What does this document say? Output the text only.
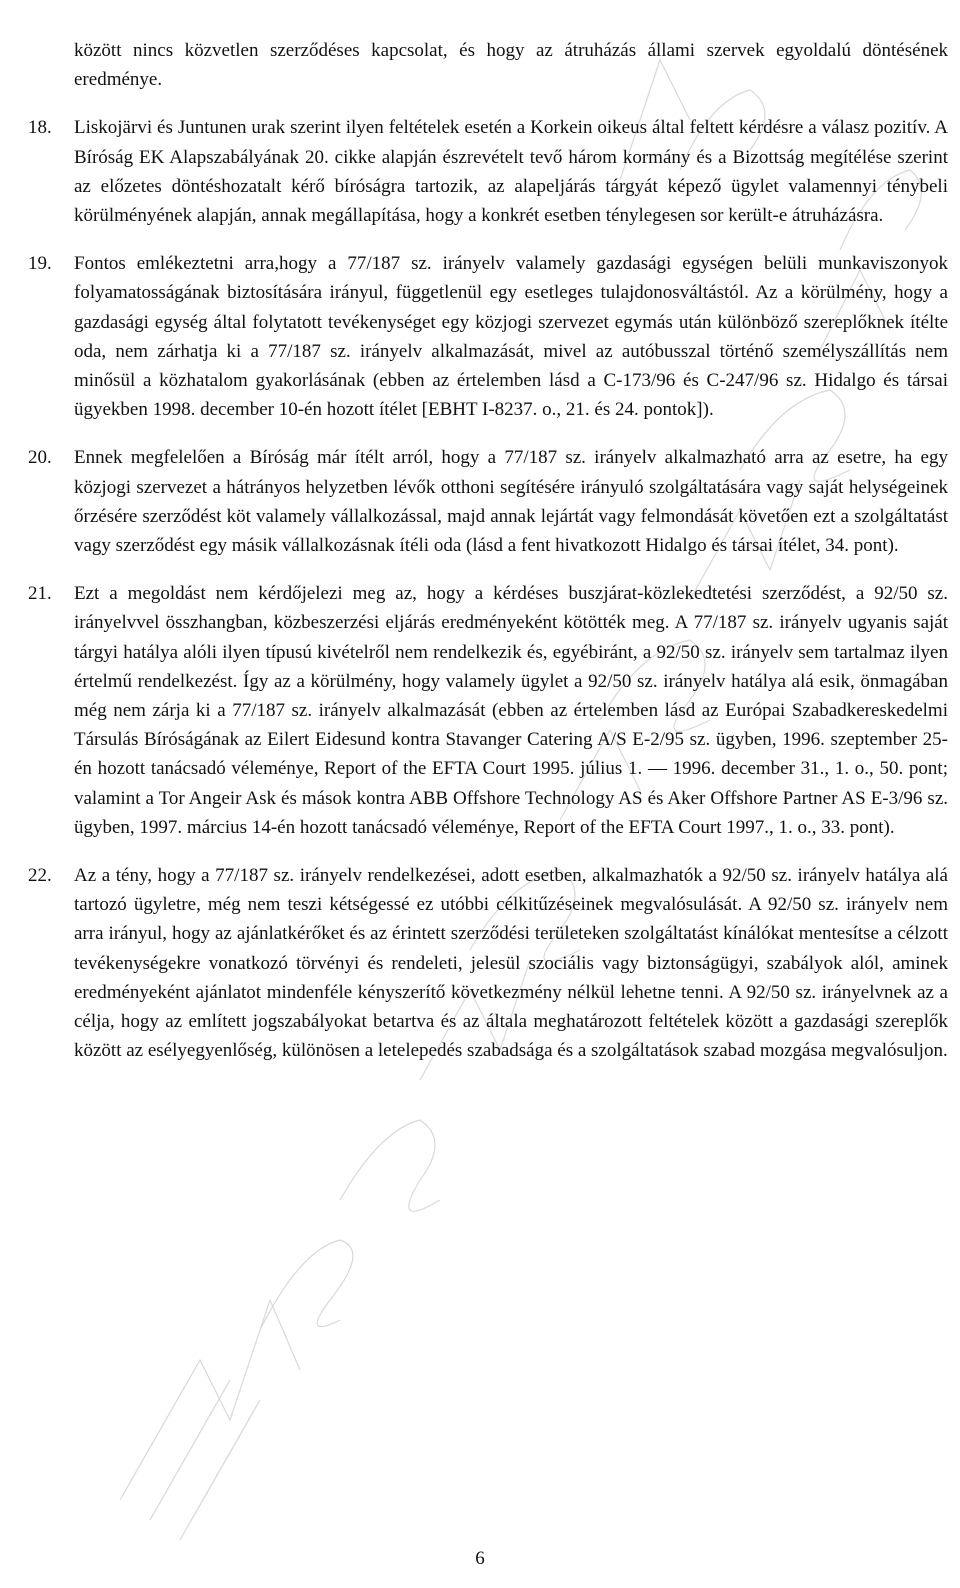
között nincs közvetlen szerződéses kapcsolat, és hogy az átruházás állami szervek egyoldalú döntésének eredménye.
18. Liskojärvi és Juntunen urak szerint ilyen feltételek esetén a Korkein oikeus által feltett kérdésre a válasz pozitív. A Bíróság EK Alapszabályának 20. cikke alapján észrevételt tevő három kormány és a Bizottság megítélése szerint az előzetes döntéshozatalt kérő bíróságra tartozik, az alapeljárás tárgyát képező ügylet valamennyi ténybeli körülményének alapján, annak megállapítása, hogy a konkrét esetben ténylegesen sor került-e átruházásra.
19. Fontos emlékeztetni arra,hogy a 77/187 sz. irányelv valamely gazdasági egységen belüli munkaviszonyok folyamatosságának biztosítására irányul, függetlenül egy esetleges tulajdonosváltástól. Az a körülmény, hogy a gazdasági egység által folytatott tevékenységet egy közjogi szervezet egymás után különböző szereplőknek ítélte oda, nem zárhatja ki a 77/187 sz. irányelv alkalmazását, mivel az autóbusszal történő személyszállítás nem minősül a közhatalom gyakorlásának (ebben az értelemben lásd a C-173/96 és C-247/96 sz. Hidalgo és társai ügyekben 1998. december 10-én hozott ítélet [EBHT I-8237. o., 21. és 24. pontok]).
20. Ennek megfelelően a Bíróság már ítélt arról, hogy a 77/187 sz. irányelv alkalmazható arra az esetre, ha egy közjogi szervezet a hátrányos helyzetben lévők otthoni segítésére irányuló szolgáltatására vagy saját helységeinek őrzésére szerződést köt valamely vállalkozással, majd annak lejártát vagy felmondását követően ezt a szolgáltatást vagy szerződést egy másik vállalkozásnak ítéli oda (lásd a fent hivatkozott Hidalgo és társai ítélet, 34. pont).
21. Ezt a megoldást nem kérdőjelezi meg az, hogy a kérdéses buszjárat-közlekedtetési szerződést, a 92/50 sz. irányelvvel összhangban, közbeszerzési eljárás eredményeként kötötték meg. A 77/187 sz. irányelv ugyanis saját tárgyi hatálya alóli ilyen típusú kivételről nem rendelkezik és, egyébiránt, a 92/50 sz. irányelv sem tartalmaz ilyen értelmű rendelkezést. Így az a körülmény, hogy valamely ügylet a 92/50 sz. irányelv hatálya alá esik, önmagában még nem zárja ki a 77/187 sz. irányelv alkalmazását (ebben az értelemben lásd az Európai Szabadkereskedelmi Társulás Bíróságának az Eilert Eidesund kontra Stavanger Catering A/S E-2/95 sz. ügyben, 1996. szeptember 25-én hozott tanácsadó véleménye, Report of the EFTA Court 1995. július 1. — 1996. december 31., 1. o., 50. pont; valamint a Tor Angeir Ask és mások kontra ABB Offshore Technology AS és Aker Offshore Partner AS E-3/96 sz. ügyben, 1997. március 14-én hozott tanácsadó véleménye, Report of the EFTA Court 1997., 1. o., 33. pont).
22. Az a tény, hogy a 77/187 sz. irányelv rendelkezései, adott esetben, alkalmazhatók a 92/50 sz. irányelv hatálya alá tartozó ügyletre, még nem teszi kétségessé ez utóbbi célkitűzéseinek megvalósulását. A 92/50 sz. irányelv nem arra irányul, hogy az ajánlatkérőket és az érintett szerződési területeken szolgáltatást kínálókat mentesítse a célzott tevékenységekre vonatkozó törvényi és rendeleti, jelesül szociális vagy biztonságügyi, szabályok alól, aminek eredményeként ajánlatot mindenféle kényszerítő következmény nélkül lehetne tenni. A 92/50 sz. irányelvnek az a célja, hogy az említett jogszabályokat betartva és az általa meghatározott feltételek között a gazdasági szereplők között az esélyegyenlőség, különösen a letelepedés szabadsága és a szolgáltatások szabad mozgása megvalósuljon.
6
